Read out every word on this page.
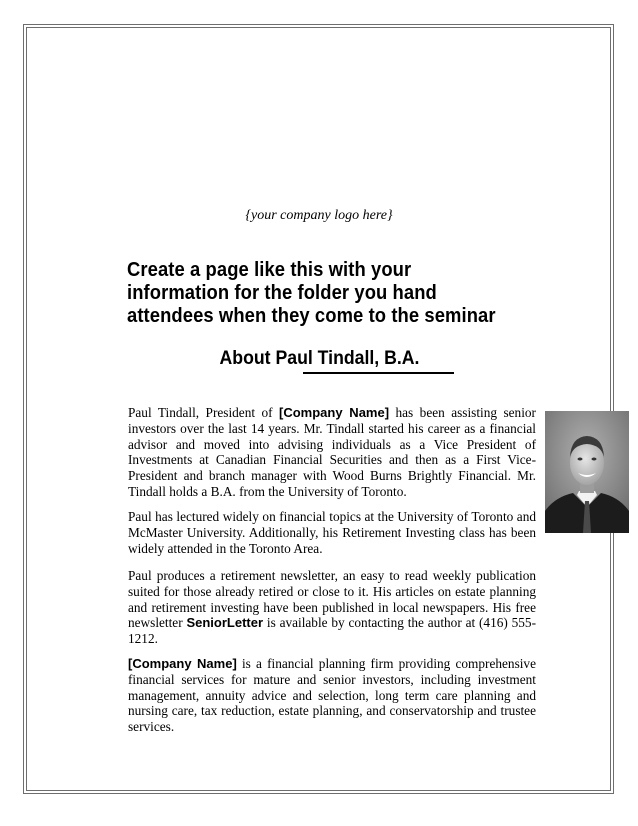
{your company logo here}
Create a page like this with your information for the folder you hand attendees when they come to the seminar
About Paul Tindall, B.A.
Paul Tindall, President of [Company Name] has been assisting senior investors over the last 14 years. Mr. Tindall started his career as a financial advisor and moved into advising individuals as a Vice President of Investments at Canadian Financial Securities and then as a First Vice-President and branch manager with Wood Burns Brightly Financial. Mr. Tindall holds a B.A. from the University of Toronto.
Paul has lectured widely on financial topics at the University of Toronto and McMaster University. Additionally, his Retirement Investing class has been widely attended in the Toronto Area.
Paul produces a retirement newsletter, an easy to read weekly publication suited for those already retired or close to it. His articles on estate planning and retirement investing have been published in local newspapers. His free newsletter SeniorLetter is available by contacting the author at (416) 555-1212.
[Company Name] is a financial planning firm providing comprehensive financial services for mature and senior investors, including investment management, annuity advice and selection, long term care planning and nursing care, tax reduction, estate planning, and conservatorship and trustee services.
